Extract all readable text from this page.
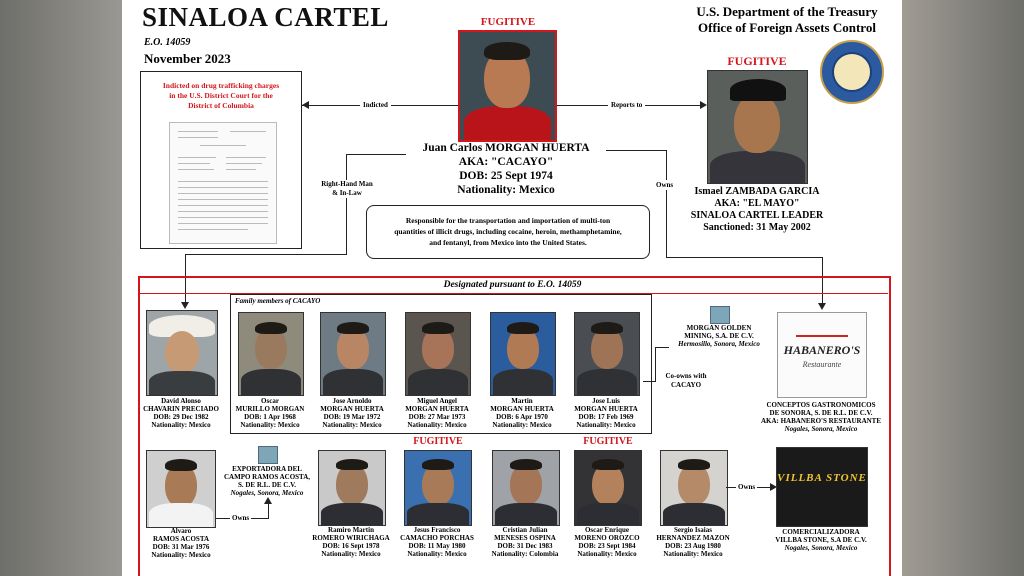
SINALOA CARTEL
E.O. 14059
November 2023
U.S. Department of the Treasury
Office of Foreign Assets Control
Indicted on drug trafficking charges
in the U.S. District Court for the
District of Columbia	Indicted	Reports to
FUGITIVE
Juan Carlos MORGAN HUERTA
AKA: "CACAYO"
DOB: 25 Sept 1974
Nationality: Mexico
FUGITIVE
Ismael ZAMBADA GARCIA
AKA: "EL MAYO"
SINALOA CARTEL LEADER
Sanctioned: 31 May 2002
Right-Hand Man
& In-Law
Owns
Responsible for the transportation and importation of multi-ton
quantities of illicit drugs, including cocaine, heroin, methamphetamine,
and fentanyl, from Mexico into the United States.
Designated pursuant to E.O. 14059
David Alonso
CHAVARIN PRECIADO
DOB: 29 Dec 1982
Nationality: Mexico
Family members of CACAYO
Oscar
MURILLO MORGAN
DOB: 1 Apr 1968
Nationality: Mexico
Jose Arnoldo
MORGAN HUERTA
DOB: 19 Mar 1972
Nationality: Mexico
Miguel Angel
MORGAN HUERTA
DOB: 27 Mar 1973
Nationality: Mexico
Martin
MORGAN HUERTA
DOB: 6 Apr 1970
Nationality: Mexico
Jose Luis
MORGAN HUERTA
DOB: 17 Feb 1969
Nationality: Mexico
MORGAN GOLDEN
MINING, S.A. DE C.V.
Hermosillo, Sonora, Mexico
Co-owns with
CACAYO
HABANERO'S
Restaurante
CONCEPTOS GASTRONOMICOS
DE SONORA, S. DE R.L. DE C.V.
AKA: HABANERO'S RESTAURANTE
Nogales, Sonora, Mexico
Alvaro
RAMOS ACOSTA
DOB: 31 Mar 1976
Nationality: Mexico
Owns
EXPORTADORA DEL
CAMPO RAMOS ACOSTA,
S. DE R.L. DE C.V.
Nogales, Sonora, Mexico
Ramiro Martin
ROMERO WIRICHAGA
DOB: 16 Sept 1978
Nationality: Mexico
FUGITIVE
Jesus Francisco
CAMACHO PORCHAS
DOB: 11 May 1980
Nationality: Mexico
Cristian Julian
MENESES OSPINA
DOB: 31 Dec 1983
Nationality: Colombia
FUGITIVE
Oscar Enrique
MORENO OROZCO
DOB: 23 Sept 1984
Nationality: Mexico
Sergio Isaias
HERNANDEZ MAZON
DOB: 23 Aug 1980
Nationality: Mexico
Owns
VILLBA STONE
COMERCIALIZADORA
VILLBA STONE, S.A DE C.V.
Nogales, Sonora, Mexico
